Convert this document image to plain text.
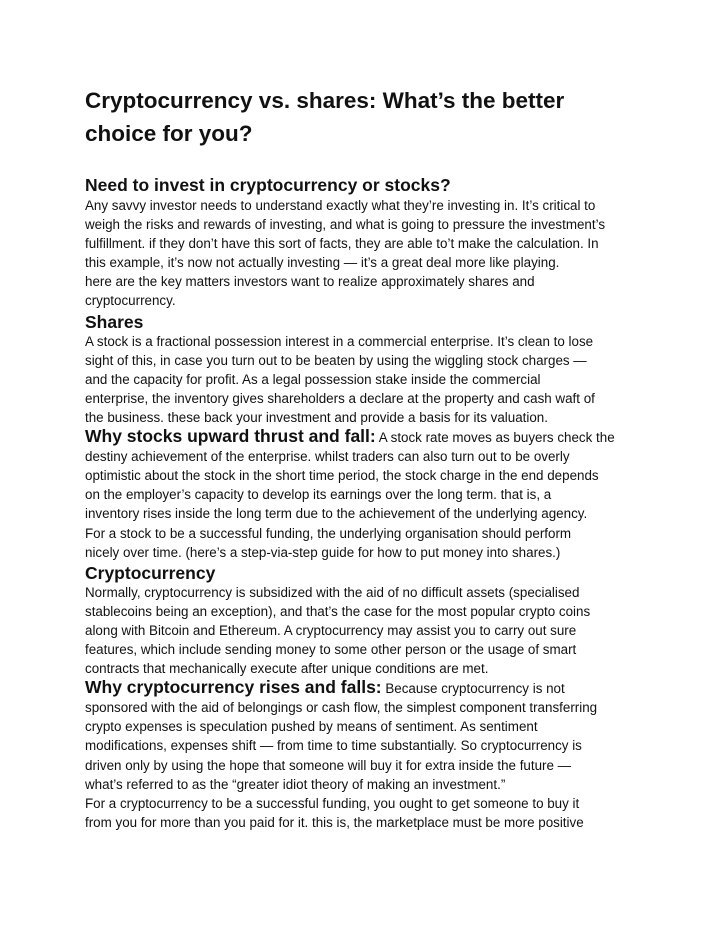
Cryptocurrency vs. shares: What’s the better
choice for you?
Need to invest in cryptocurrency or stocks?

Any savvy investor needs to understand exactly what they’re investing in. It’s critical to
weigh the risks and rewards of investing, and what is going to pressure the investment’s
fulfillment. if they don’t have this sort of facts, they are able to’t make the calculation. In
this example, it’s now not actually investing — it’s a great deal more like playing.
here are the key matters investors want to realize approximately shares and
cryptocurrency.

Shares

A stock is a fractional possession interest in a commercial enterprise. It’s clean to lose
sight of this, in case you turn out to be beaten by using the wiggling stock charges —
and the capacity for profit. As a legal possession stake inside the commercial
enterprise, the inventory gives shareholders a declare at the property and cash waft of
the business. these back your investment and provide a basis for its valuation.

Why stocks upward thrust and fall: A stock rate moves as buyers check the
destiny achievement of the enterprise. whilst traders can also turn out to be overly
optimistic about the stock in the short time period, the stock charge in the end depends
on the employer’s capacity to develop its earnings over the long term. that is, a
inventory rises inside the long term due to the achievement of the underlying agency.
For a stock to be a successful funding, the underlying organisation should perform
nicely over time. (here’s a step-via-step guide for how to put money into shares.)

Cryptocurrency

Normally, cryptocurrency is subsidized with the aid of no difficult assets (specialised
stablecoins being an exception), and that’s the case for the most popular crypto coins
along with Bitcoin and Ethereum. A cryptocurrency may assist you to carry out sure
features, which include sending money to some other person or the usage of smart
contracts that mechanically execute after unique conditions are met.

Why cryptocurrency rises and falls: Because cryptocurrency is not
sponsored with the aid of belongings or cash flow, the simplest component transferring
crypto expenses is speculation pushed by means of sentiment. As sentiment
modifications, expenses shift — from time to time substantially. So cryptocurrency is
driven only by using the hope that someone will buy it for extra inside the future —
what’s referred to as the “greater idiot theory of making an investment.”
For a cryptocurrency to be a successful funding, you ought to get someone to buy it
from you for more than you paid for it. this is, the marketplace must be more positive
